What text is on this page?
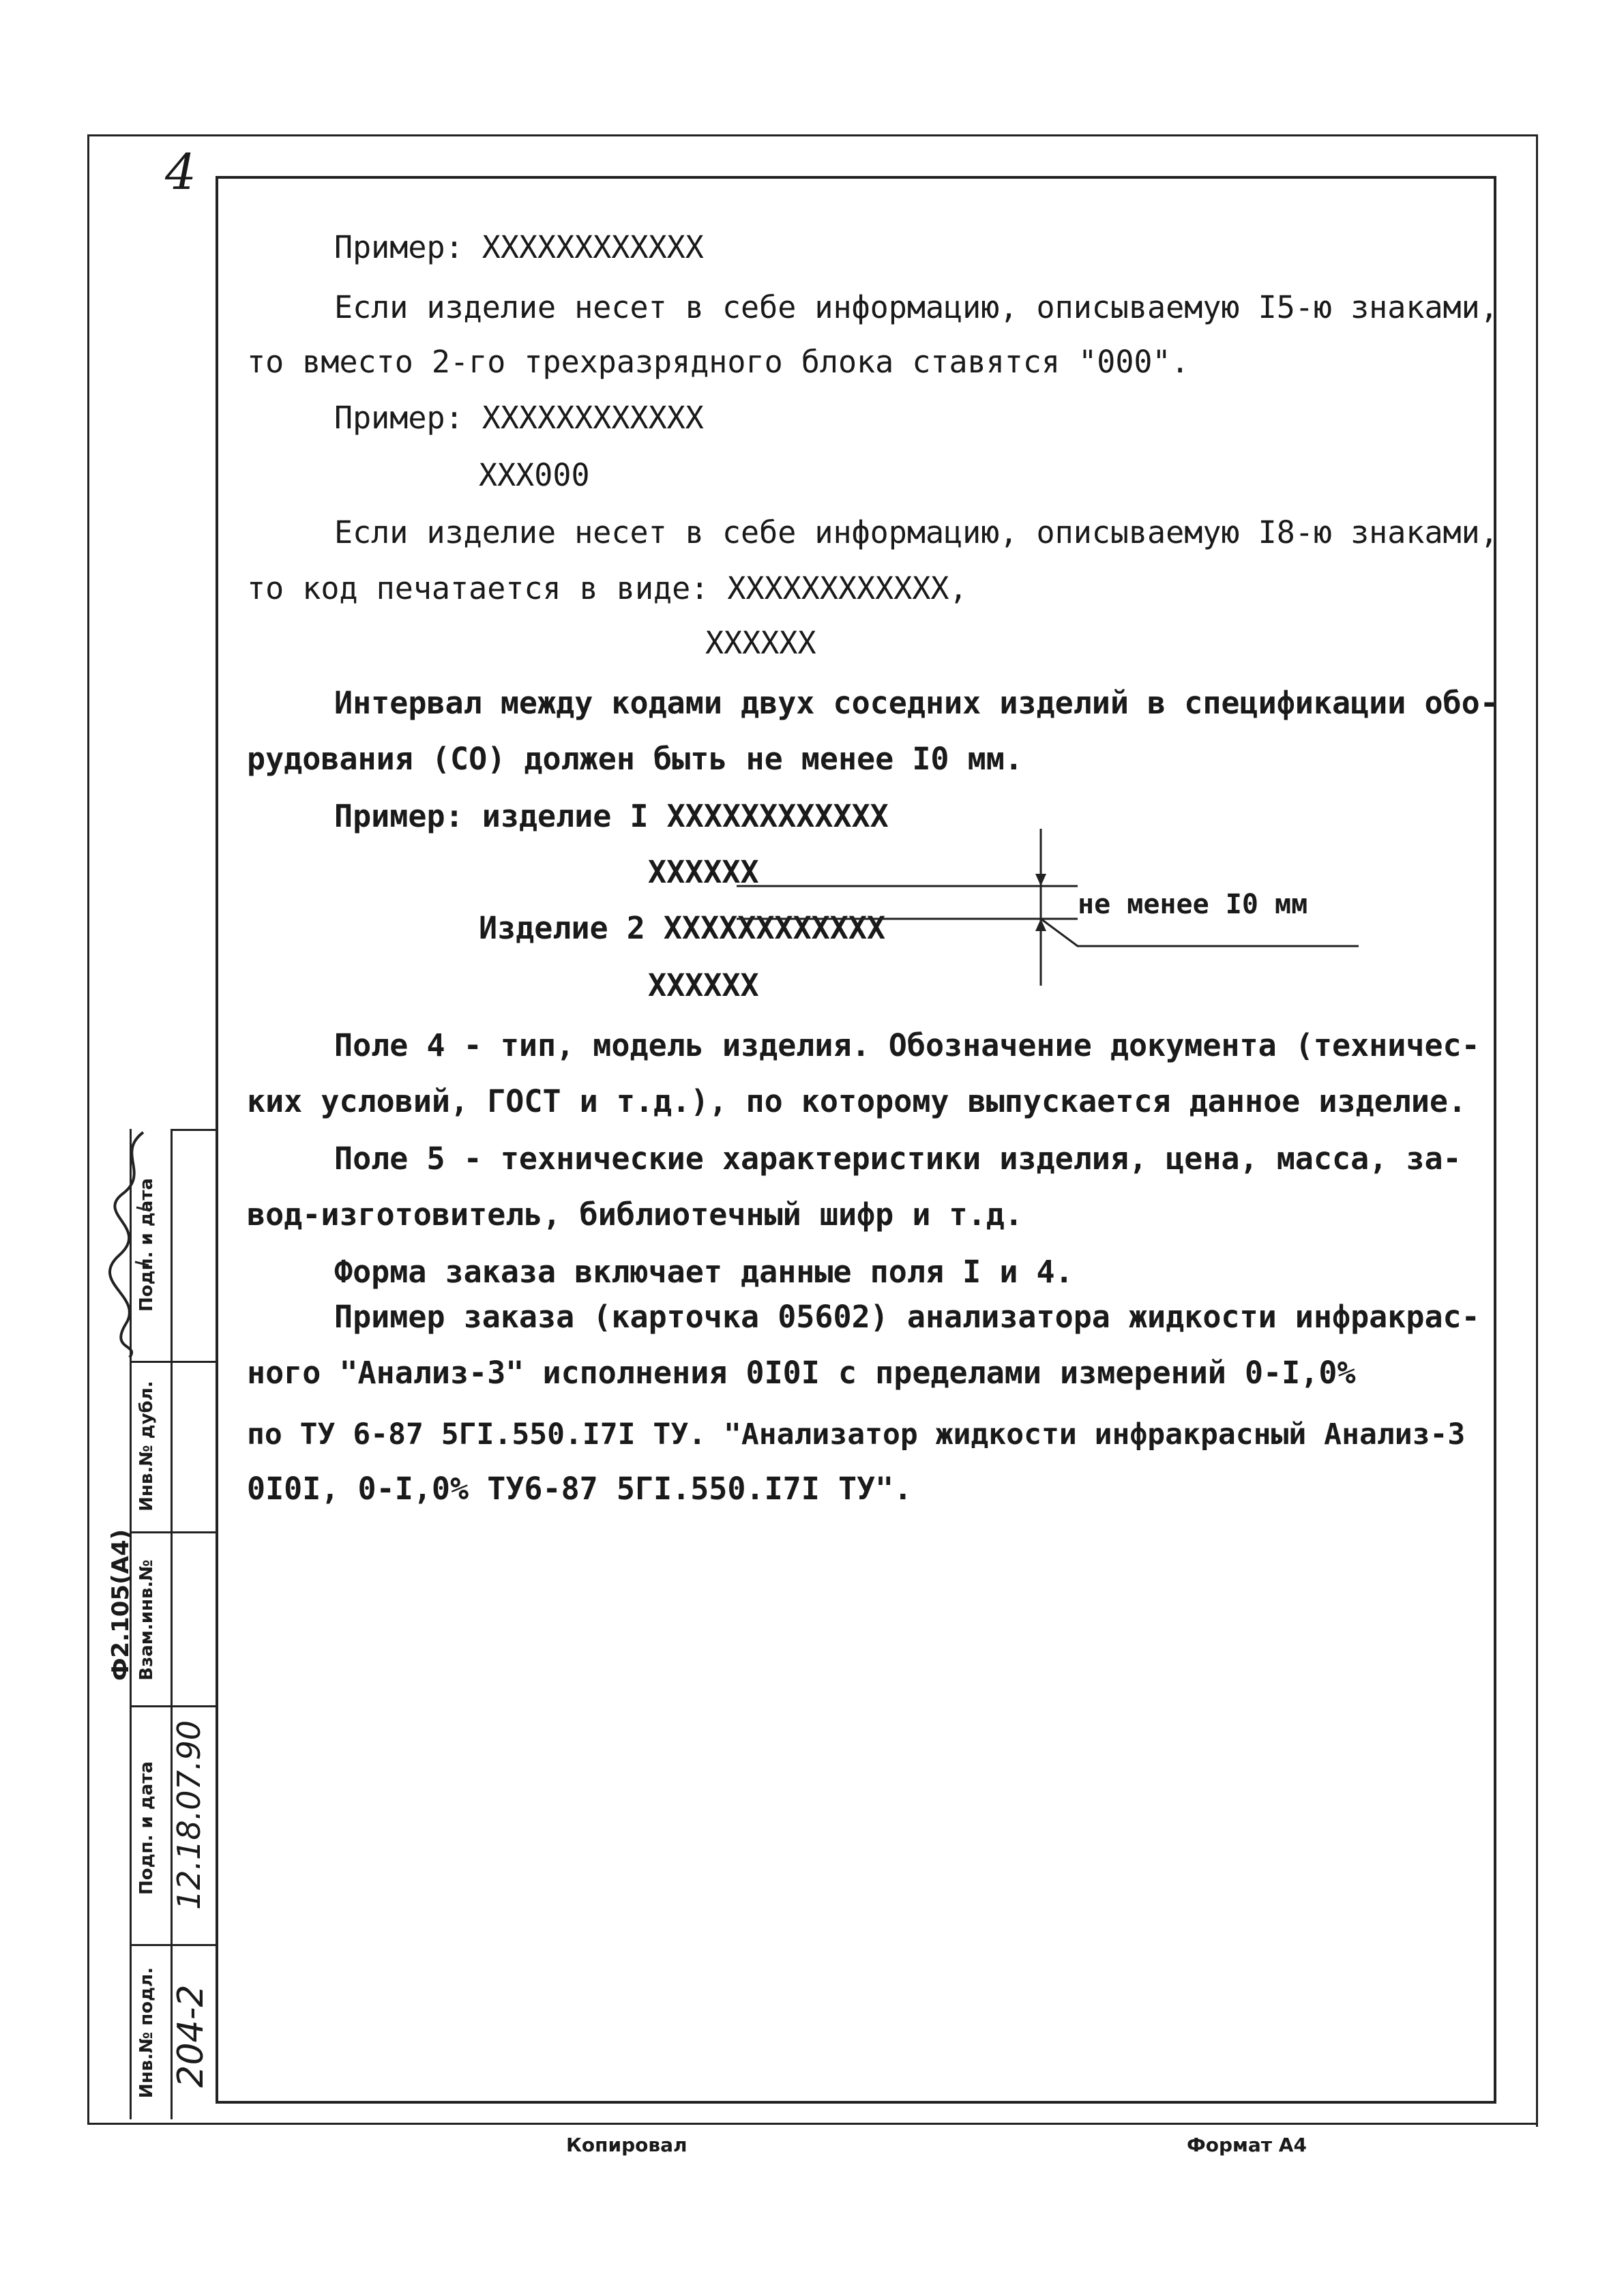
4
Пример: XXXXXXXXXXXX
Если изделие несет в себе информацию, описываемую I5-ю знаками,
то вместо 2-го трехразрядного блока ставятся "000".
Пример: XXXXXXXXXXXX
XXX000
Если изделие несет в себе информацию, описываемую I8-ю знаками,
то код печатается в виде: XXXXXXXXXXXX,
XXXXXX
Интервал между кодами двух соседних изделий в спецификации обо-
рудования (СО) должен быть не менее I0 мм.
Пример: изделие I XXXXXXXXXXXX
XXXXXX
Изделие 2 XXXXXXXXXXXX
XXXXXX
не менее I0 мм
Поле 4 - тип, модель изделия. Обозначение документа (техничес-
ких условий, ГОСТ и т.д.), по которому выпускается данное изделие.
Поле 5 - технические характеристики изделия, цена, масса, за-
вод-изготовитель, библиотечный шифр и т.д.
Форма заказа включает данные поля I и 4.
Пример заказа (карточка 05602) анализатора жидкости инфракрас-
ного "Анализ-3" исполнения 0I0I с пределами измерений 0-I,0%
по ТУ 6-87 5ГI.550.I7I ТУ. "Анализатор жидкости инфракрасный Анализ-3
0I0I, 0-I,0% ТУ6-87 5ГI.550.I7I ТУ".
Инв.№ подл.
Подп. и дата
Взам.инв.№
Инв.№ дубл.
Подп. и дата
Ф2.105(А4)
204-2
12.18.07.90
Копировал	Формат А4
